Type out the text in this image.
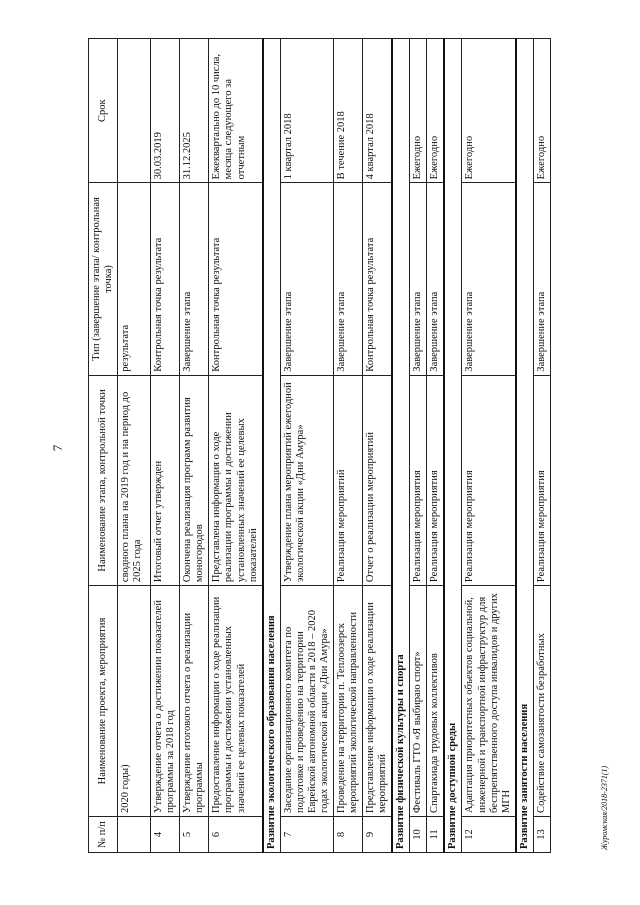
7
№ п/п	Наименование проекта, мероприятия	Наименование этапа, контрольной точки	Тип (завершение этапа/ контрольная точка)	Срок
	2020 годы)	сводного плана на 2019 год и на период до 2025 года	результата	
4	Утверждение отчета о достижении показателей программы за 2018 год	Итоговый отчет утвержден	Контрольная точка результата	30.03.2019
5	Утверждение итогового отчета о реализации программы	Окончена реализация программ развития моногородов	Завершение этапа	31.12.2025
6	Предоставление информации о ходе реализации программы и достижении установленных значений ее целевых показателей	Представлена информация о ходе реализации программы и достижении установленных значений ее целевых показателей	Контрольная точка результата	Ежеквартально до 10 числа, месяца следующего за отчетным
Развитие экологического образования населения				
7	Заседание организационного комитета по подготовке и проведению на территории Еврейской автономной области в 2018 – 2020 годах экологической акции «Дни Амура»	Утверждение плана мероприятий ежегодной экологической акции «Дни Амура»	Завершение этапа	1 квартал 2018
8	Проведение на территории п. Теплоозерск мероприятий экологической направленности	Реализация мероприятий	Завершение этапа	В течение 2018
9	Представление информации о ходе реализации мероприятий	Отчет о реализации мероприятий	Контрольная точка результата	4 квартал 2018
Развитие физической культуры и спорта				
10	Фестиваль ГТО «Я выбираю спорт»	Реализация мероприятия	Завершение этапа	Ежегодно
11	Спартакиада трудовых коллективов	Реализация мероприятия	Завершение этапа	Ежегодно
Развитие доступной среды				
12	Адаптация приоритетных объектов социальной, инженерной и транспортной инфраструктур для беспрепятственного доступа инвалидов и других МГН	Реализация мероприятия	Завершение этапа	Ежегодно
Развитие занятости населения				
13	Содействие самозанятости безработных	Реализация мероприятия	Завершение этапа	Ежегодно
Журомская/2018-2371(1)
